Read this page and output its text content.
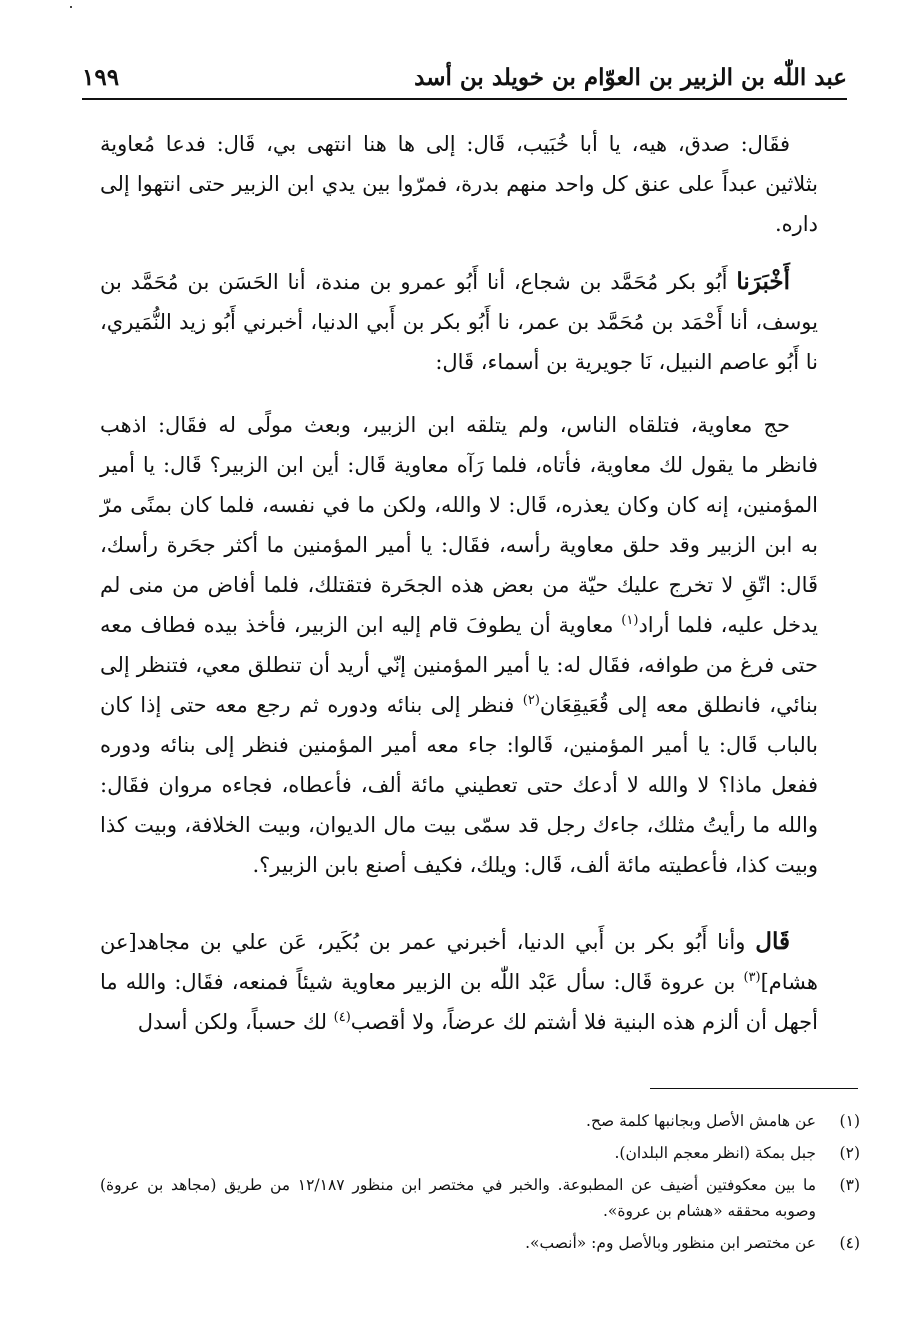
عبد اللّٰه بن الزبير بن العوّام بن خويلد بن أسد
١٩٩

فقَال: صدق، هيه، يا أبا خُبَيب، قَال: إلى ها هنا انتهى بي، قَال: فدعا مُعاوية بثلاثين عبداً على عنق كل واحد منهم بدرة، فمرّوا بين يدي ابن الزبير حتى انتهوا إلى داره.

أَخْبَرَنا أَبُو بكر مُحَمَّد بن شجاع، أنا أَبُو عمرو بن مندة، أنا الحَسَن بن مُحَمَّد بن يوسف، أنا أَحْمَد بن مُحَمَّد بن عمر، نا أَبُو بكر بن أَبي الدنيا، أخبرني أَبُو زيد النُّمَيري، نا أَبُو عاصم النبيل، نَا جويرية بن أسماء، قَال:

حج معاوية، فتلقاه الناس، ولم يتلقه ابن الزبير، وبعث مولًى له فقَال: اذهب فانظر ما يقول لك معاوية، فأتاه، فلما رَآه معاوية قَال: أين ابن الزبير؟ قَال: يا أمير المؤمنين، إنه كان وكان يعذره، قَال: لا والله، ولكن ما في نفسه، فلما كان بمنًى مرّ به ابن الزبير وقد حلق معاوية رأسه، فقَال: يا أمير المؤمنين ما أكثر جحَرة رأسك، قَال: اتّقِ لا تخرج عليك حيّة من بعض هذه الجحَرة فتقتلك، فلما أفاض من منى لم يدخل عليه، فلما أراد$^{(١)}$ معاوية أن يطوفَ قام إليه ابن الزبير، فأخذ بيده فطاف معه حتى فرغ من طوافه، فقَال له: يا أمير المؤمنين إنّي أريد أن تنطلق معي، فتنظر إلى بنائي، فانطلق معه إلى قُعَيقِعَان$^{(٢)}$ فنظر إلى بنائه ودوره ثم رجع معه حتى إذا كان بالباب قَال: يا أمير المؤمنين، قَالوا: جاء معه أمير المؤمنين فنظر إلى بنائه ودوره ففعل ماذا؟ لا والله لا أدعك حتى تعطيني مائة ألف، فأعطاه، فجاءه مروان فقَال: والله ما رأيتُ مثلك، جاءك رجل قد سمّى بيت مال الديوان، وبيت الخلافة، وبيت كذا وبيت كذا، فأعطيته مائة ألف، قَال: ويلك، فكيف أصنع بابن الزبير؟.

قَال وأنا أَبُو بكر بن أَبي الدنيا، أخبرني عمر بن بُكَير، عَن علي بن مجاهد[عن هشام]$^{(٣)}$ بن عروة قَال: سأل عَبْد اللّٰه بن الزبير معاوية شيئاً فمنعه، فقَال: والله ما أجهل أن ألزم هذه البنية فلا أشتم لك عرضاً، ولا أقصب$^{(٤)}$ لك حسباً، ولكن أسدل

(١)
عن هامش الأصل وبجانبها كلمة صح.
(٢)
جبل بمكة (انظر معجم البلدان).
(٣)
ما بين معكوفتين أضيف عن المطبوعة. والخبر في مختصر ابن منظور ١٢/١٨٧ من طريق (مجاهد بن عروة) وصوبه محققه «هشام بن عروة».
(٤)
عن مختصر ابن منظور وبالأصل وم: «أنصب».
